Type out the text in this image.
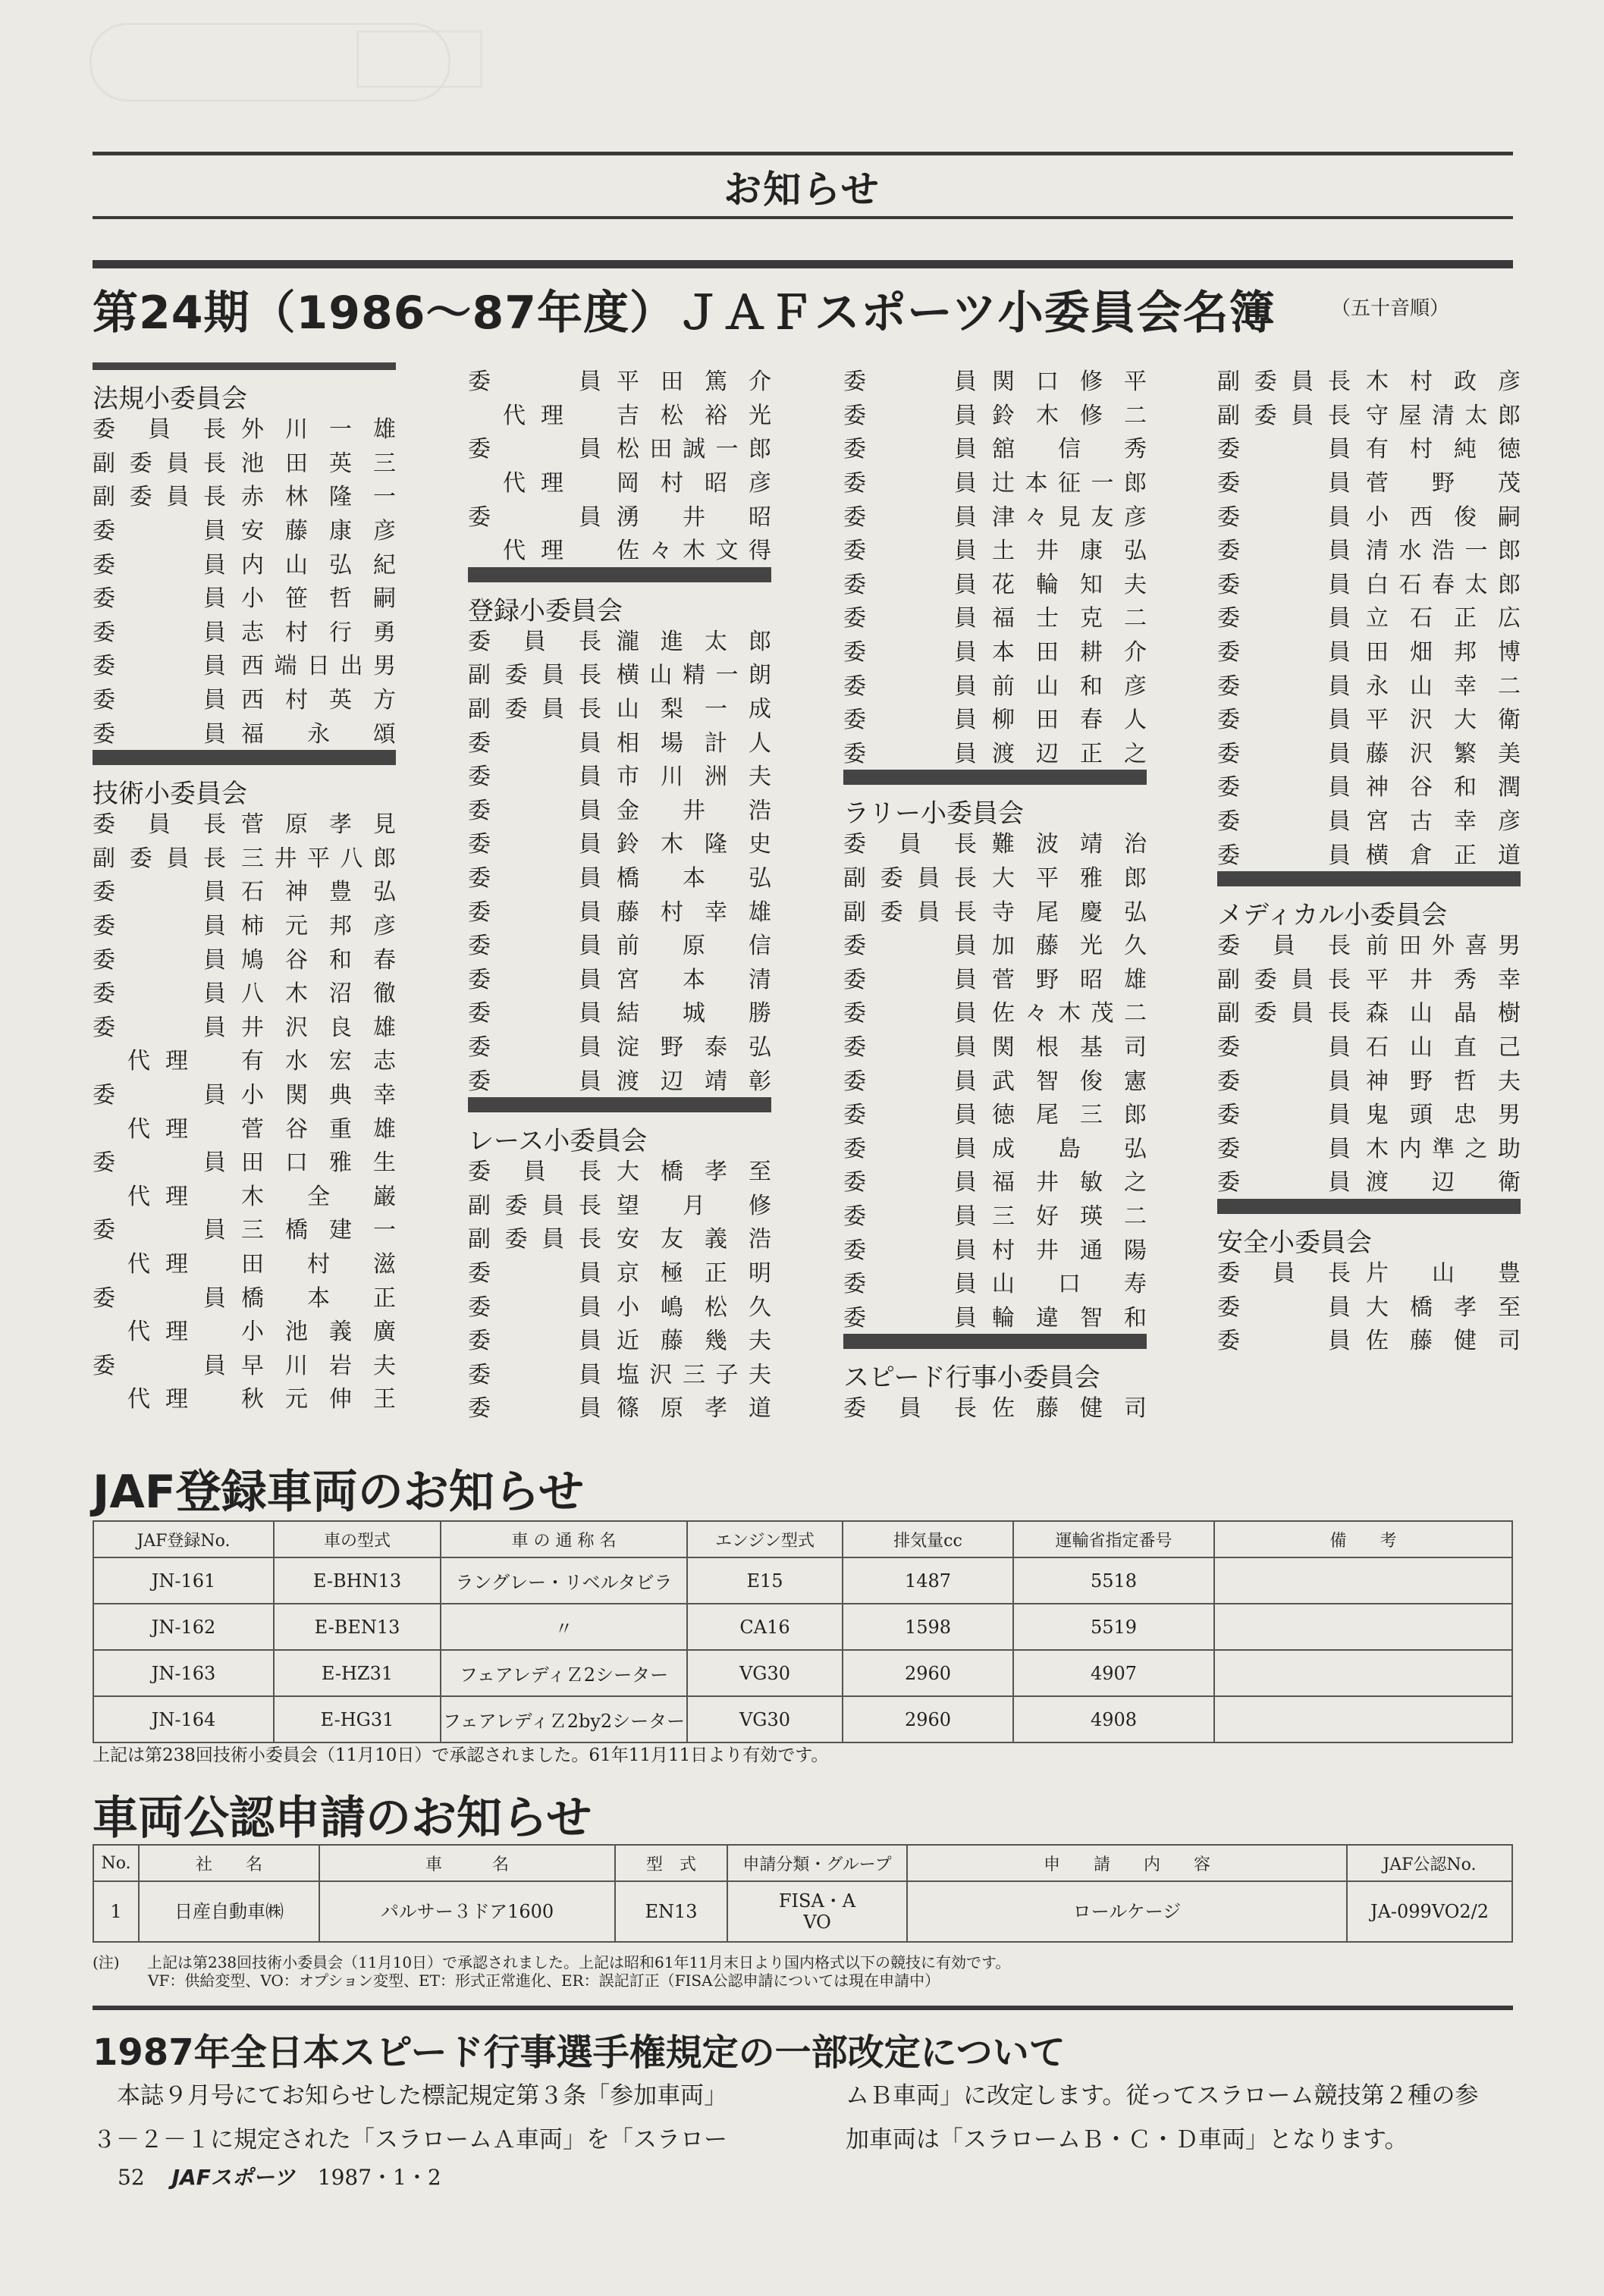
お知らせ
第24期（1986〜87年度）ＪＡＦスポーツ小委員会名簿	（五十音順）
法規小委員会
委 員 長 外 川 一 雄
副 委 員 長 池 田 英 三
副 委 員 長 赤 林 隆 一
委	員 安 藤 康 彦
委	員 内 山 弘 紀
委	員 小 笹 哲 嗣
委	員 志 村 行 勇
委	員 西 端 日 出 男
委	員 西 村 英 方
委	員 福 永 頌
技術小委員会
委 員 長 菅 原 孝 見
副 委 員 長 三 井 平 八 郎
委	員 石 神 豊 弘
委	員 柿 元 邦 彦
委	員 鳩 谷 和 春
委	員 八 木 沼 徹
委	員 井 沢 良 雄
代 理 有 水 宏 志
委	員 小 関 典 幸
代 理 菅 谷 重 雄
委	員 田 口 雅 生
代 理 木 全 巌
委	員 三 橋 建 一
代 理 田 村 滋
委	員 橋 本 正
代 理 小 池 義 廣
委	員 早 川 岩 夫
代 理 秋 元 伸 王
委	員 平 田 篤 介
代 理 吉 松 裕 光
委	員 松 田 誠 一 郎
代 理 岡 村 昭 彦
委	員 湧 井 昭
代 理 佐 々 木 文 得
登録小委員会
委 員 長 瀧 進 太 郎
副 委 員 長 横 山 精 一 朗
副 委 員 長 山 梨 一 成
委	員 相 場 計 人
委	員 市 川 洲 夫
委	員 金 井 浩
委	員 鈴 木 隆 史
委	員 橋 本 弘
委	員 藤 村 幸 雄
委	員 前 原 信
委	員 宮 本 清
委	員 結 城 勝
委	員 淀 野 泰 弘
委	員 渡 辺 靖 彰
レース小委員会
委 員 長 大 橋 孝 至
副 委 員 長 望 月 修
副 委 員 長 安 友 義 浩
委	員 京 極 正 明
委	員 小 嶋 松 久
委	員 近 藤 幾 夫
委	員 塩 沢 三 子 夫
委	員 篠 原 孝 道
委	員 関 口 修 平
委	員 鈴 木 修 二
委	員 舘 信 秀
委	員 辻 本 征 一 郎
委	員 津 々 見 友 彦
委	員 土 井 康 弘
委	員 花 輪 知 夫
委	員 福 士 克 二
委	員 本 田 耕 介
委	員 前 山 和 彦
委	員 柳 田 春 人
委	員 渡 辺 正 之
ラリー小委員会
委 員 長 難 波 靖 治
副 委 員 長 大 平 雅 郎
副 委 員 長 寺 尾 慶 弘
委	員 加 藤 光 久
委	員 菅 野 昭 雄
委	員 佐 々 木 茂 二
委	員 関 根 基 司
委	員 武 智 俊 憲
委	員 徳 尾 三 郎
委	員 成 島 弘
委	員 福 井 敏 之
委	員 三 好 瑛 二
委	員 村 井 通 陽
委	員 山 口 寿
委	員 輪 違 智 和
スピード行事小委員会
委 員 長 佐 藤 健 司
副 委 員 長 木 村 政 彦
副 委 員 長 守 屋 清 太 郎
委	員 有 村 純 徳
委	員 菅 野 茂
委	員 小 西 俊 嗣
委	員 清 水 浩 一 郎
委	員 白 石 春 太 郎
委	員 立 石 正 広
委	員 田 畑 邦 博
委	員 永 山 幸 二
委	員 平 沢 大 衛
委	員 藤 沢 繁 美
委	員 神 谷 和 潤
委	員 宮 古 幸 彦
委	員 横 倉 正 道
メディカル小委員会
委 員 長 前 田 外 喜 男
副 委 員 長 平 井 秀 幸
副 委 員 長 森 山 晶 樹
委	員 石 山 直 己
委	員 神 野 哲 夫
委	員 鬼 頭 忠 男
委	員 木 内 準 之 助
委	員 渡 辺 衛
安全小委員会
委 員 長 片 山 豊
委	員 大 橋 孝 至
委	員 佐 藤 健 司
JAF登録車両のお知らせ
JAF登録No.	車の型式	車 の 通 称 名	エンジン型式	排気量cc	運輸省指定番号	備　　考
JN-161	E-BHN13	ラングレー・リベルタビラ	E15	1487	5518	
JN-162	E-BEN13	〃	CA16	1598	5519	
JN-163	E-HZ31	フェアレディＺ2シーター	VG30	2960	4907	
JN-164	E-HG31	フェアレディＺ2by2シーター	VG30	2960	4908	
上記は第238回技術小委員会（11月10日）で承認されました。61年11月11日より有効です。
車両公認申請のお知らせ
No.	社　　名	車　　　名	型　式	申請分類・グループ	申　　請　　内　　容	JAF公認No.
1	日産自動車㈱	パルサー３ドア1600	EN13	FISA・A
VO	ロールケージ	JA-099VO2/2
(注) 上記は第238回技術小委員会（11月10日）で承認されました。上記は昭和61年11月末日より国内格式以下の競技に有効です。
VF：供給変型、VO：オプション変型、ET：形式正常進化、ER：誤記訂正（FISA公認申請については現在申請中）
1987年全日本スピード行事選手権規定の一部改定について
本誌９月号にてお知らせした標記規定第３条「参加車両」
３－２－１に規定された「スラロームＡ車両」を「スラロー
ムＢ車両」に改定します。従ってスラローム競技第２種の参
加車両は「スラロームＢ・Ｃ・Ｄ車両」となります。
52 JAFスポーツ 1987・1・2
